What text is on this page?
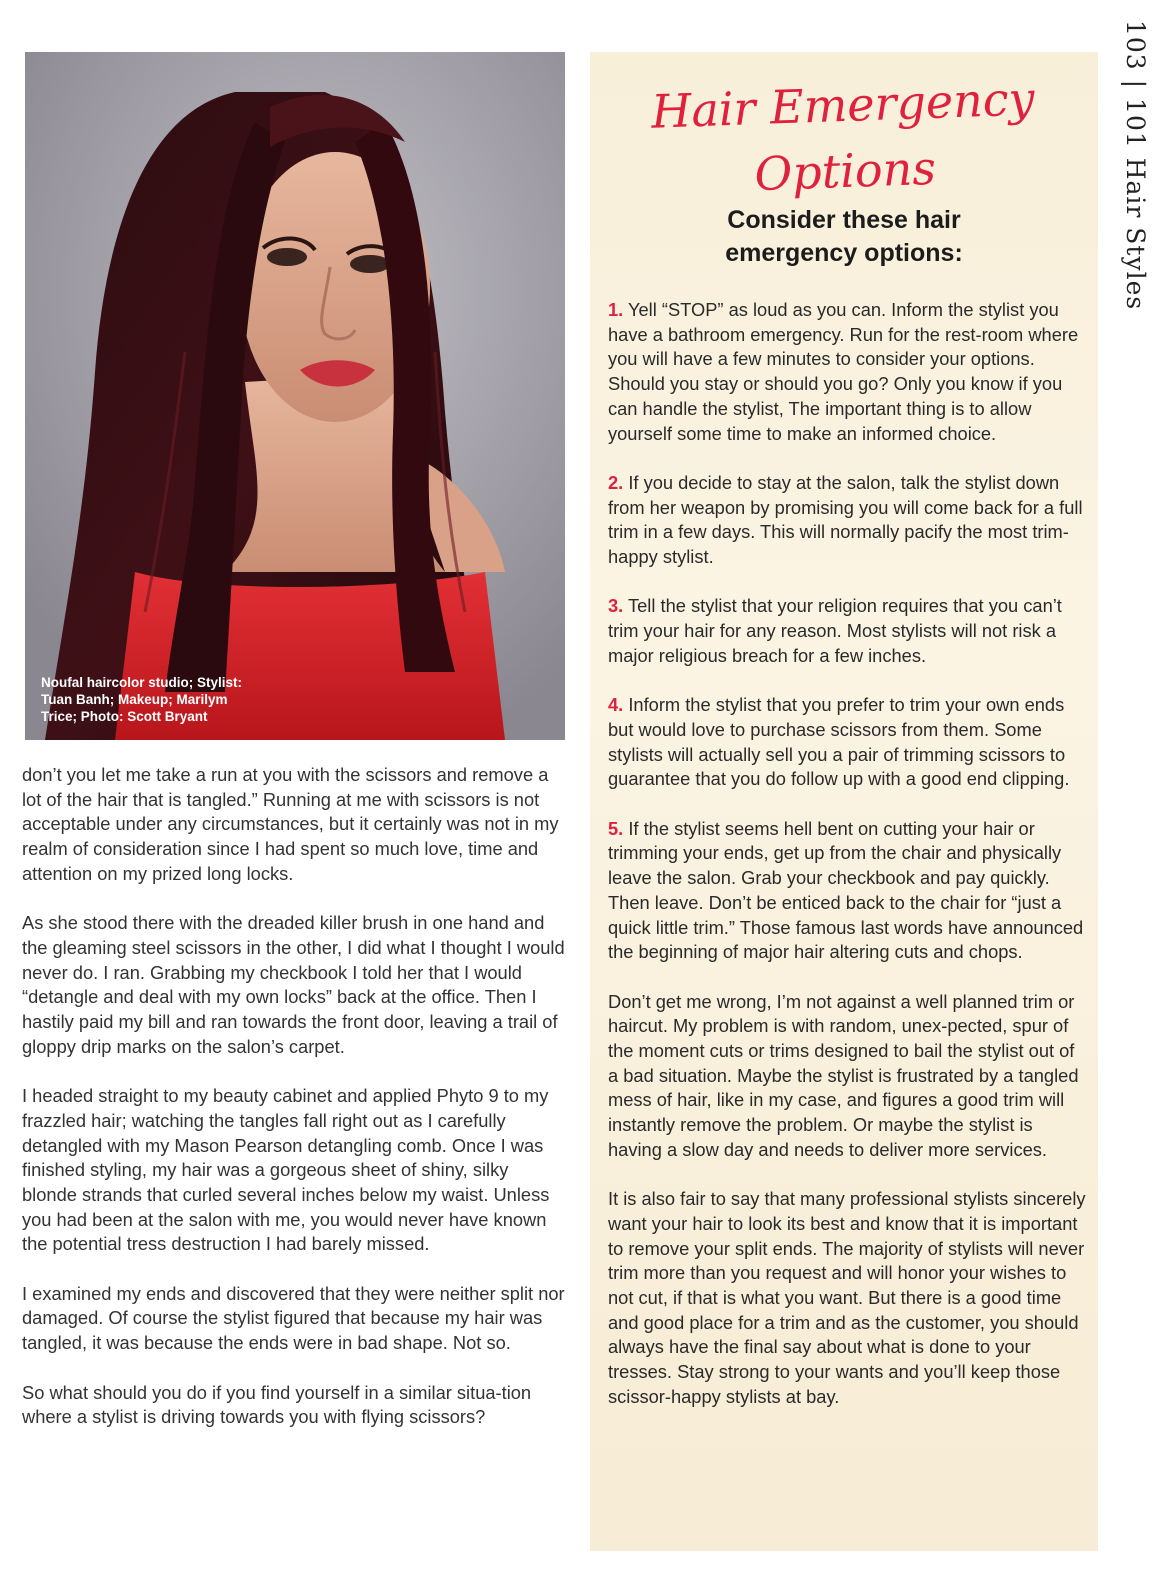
103 | 101 Hair Styles
Noufal haircolor studio; Stylist:
Tuan Banh; Makeup; Marilym
Trice; Photo: Scott Bryant

don’t you let me take a run at you with the scissors and remove a lot of the hair that is tangled.” Running at me with scissors is not acceptable under any circumstances, but it certainly was not in my realm of consideration since I had spent so much love, time and attention on my prized long locks.

As she stood there with the dreaded killer brush in one hand and the gleaming steel scissors in the other, I did what I thought I would never do. I ran. Grabbing my checkbook I told her that I would “detangle and deal with my own locks” back at the office. Then I hastily paid my bill and ran towards the front door, leaving a trail of gloppy drip marks on the salon’s carpet.

I headed straight to my beauty cabinet and applied Phyto 9 to my frazzled hair; watching the tangles fall right out as I carefully detangled with my Mason Pearson detangling comb. Once I was finished styling, my hair was a gorgeous sheet of shiny, silky blonde strands that curled several inches below my waist. Unless you had been at the salon with me, you would never have known the potential tress destruction I had barely missed.

I examined my ends and discovered that they were neither split nor damaged. Of course the stylist figured that because my hair was tangled, it was because the ends were in bad shape. Not so.

So what should you do if you find yourself in a similar situa-tion where a stylist is driving towards you with flying scissors?

Hair Emergency
Options
Consider these hair
emergency options:

1. Yell “STOP” as loud as you can. Inform the stylist you have a bathroom emergency. Run for the rest-room where you will have a few minutes to consider your options. Should you stay or should you go? Only you know if you can handle the stylist, The important thing is to allow yourself some time to make an informed choice.

2. If you decide to stay at the salon, talk the stylist down from her weapon by promising you will come back for a full trim in a few days. This will normally pacify the most trim-happy stylist.

3. Tell the stylist that your religion requires that you can’t trim your hair for any reason. Most stylists will not risk a major religious breach for a few inches.

4. Inform the stylist that you prefer to trim your own ends but would love to purchase scissors from them. Some stylists will actually sell you a pair of trimming scissors to guarantee that you do follow up with a good end clipping.

5. If the stylist seems hell bent on cutting your hair or trimming your ends, get up from the chair and physically leave the salon. Grab your checkbook and pay quickly. Then leave. Don’t be enticed back to the chair for “just a quick little trim.” Those famous last words have announced the beginning of major hair altering cuts and chops.

Don’t get me wrong, I’m not against a well planned trim or haircut. My problem is with random, unex-pected, spur of the moment cuts or trims designed to bail the stylist out of a bad situation. Maybe the stylist is frustrated by a tangled mess of hair, like in my case, and figures a good trim will instantly remove the problem. Or maybe the stylist is having a slow day and needs to deliver more services.

It is also fair to say that many professional stylists sincerely want your hair to look its best and know that it is important to remove your split ends. The majority of stylists will never trim more than you request and will honor your wishes to not cut, if that is what you want. But there is a good time and good place for a trim and as the customer, you should always have the final say about what is done to your tresses. Stay strong to your wants and you’ll keep those scissor-happy stylists at bay.
